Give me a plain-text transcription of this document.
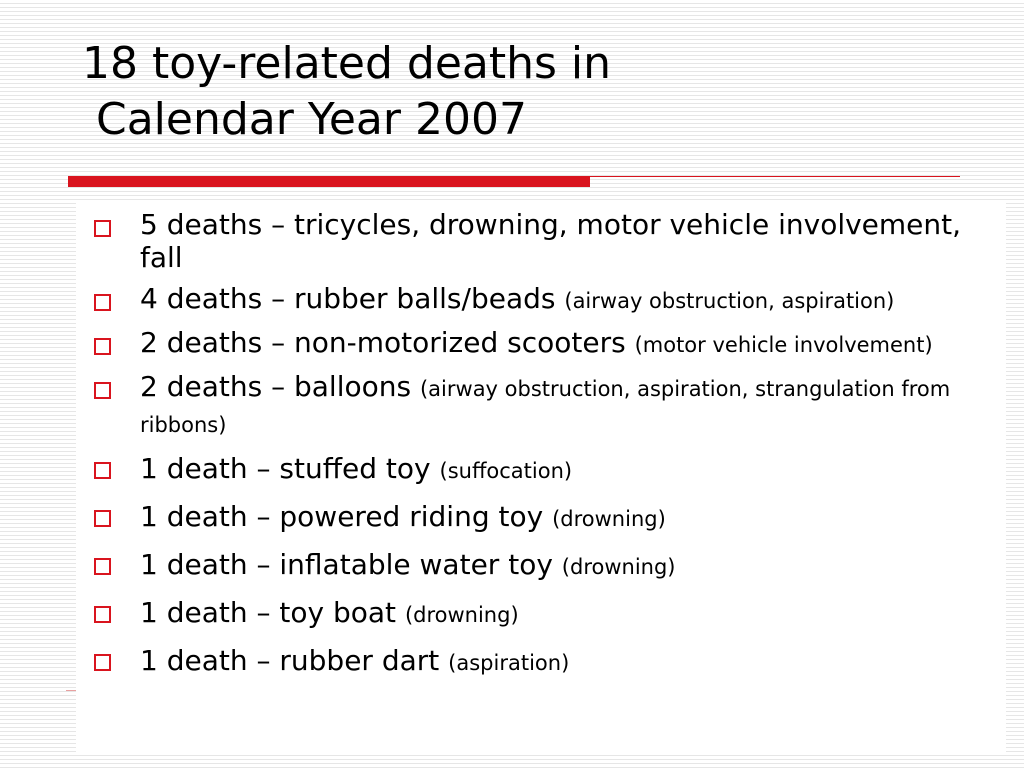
18 toy-related deaths in
Calendar Year 2007
5 deaths – tricycles, drowning, motor vehicle involvement, fall
4 deaths – rubber balls/beads (airway obstruction, aspiration)
2 deaths – non-motorized scooters (motor vehicle involvement)
2 deaths – balloons (airway obstruction, aspiration, strangulation from ribbons)
1 death – stuffed toy (suffocation)
1 death – powered riding toy (drowning)
1 death – inflatable water toy (drowning)
1 death – toy boat (drowning)
1 death – rubber dart (aspiration)
